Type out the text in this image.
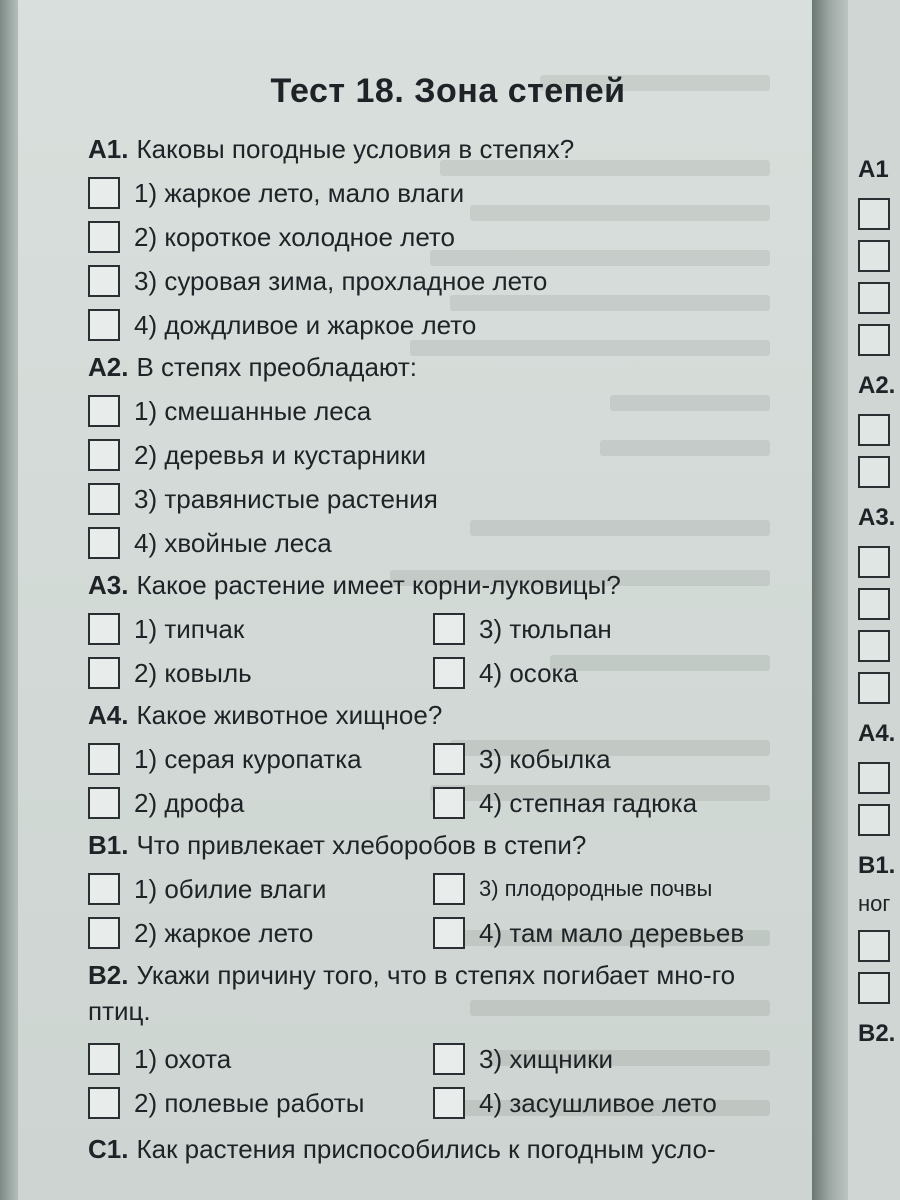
Тест 18. Зона степей
А1. Каковы погодные условия в степях?
1) жаркое лето, мало влаги
2) короткое холодное лето
3) суровая зима, прохладное лето
4) дождливое и жаркое лето
А2. В степях преобладают:
1) смешанные леса
2) деревья и кустарники
3) травянистые растения
4) хвойные леса
А3. Какое растение имеет корни-луковицы?
1) типчак	3) тюльпан
2) ковыль	4) осока
А4. Какое животное хищное?
1) серая куропатка	3) кобылка
2) дрофа	4) степная гадюка
В1. Что привлекает хлеборобов в степи?
1) обилие влаги	3) плодородные почвы
2) жаркое лето	4) там мало деревьев
В2. Укажи причину того, что в степях погибает мно-го птиц.
1) охота	3) хищники
2) полевые работы	4) засушливое лето
С1. Как растения приспособились к погодным усло-
А1
А2.
А3.
А4.
В1.
ног
В2.
